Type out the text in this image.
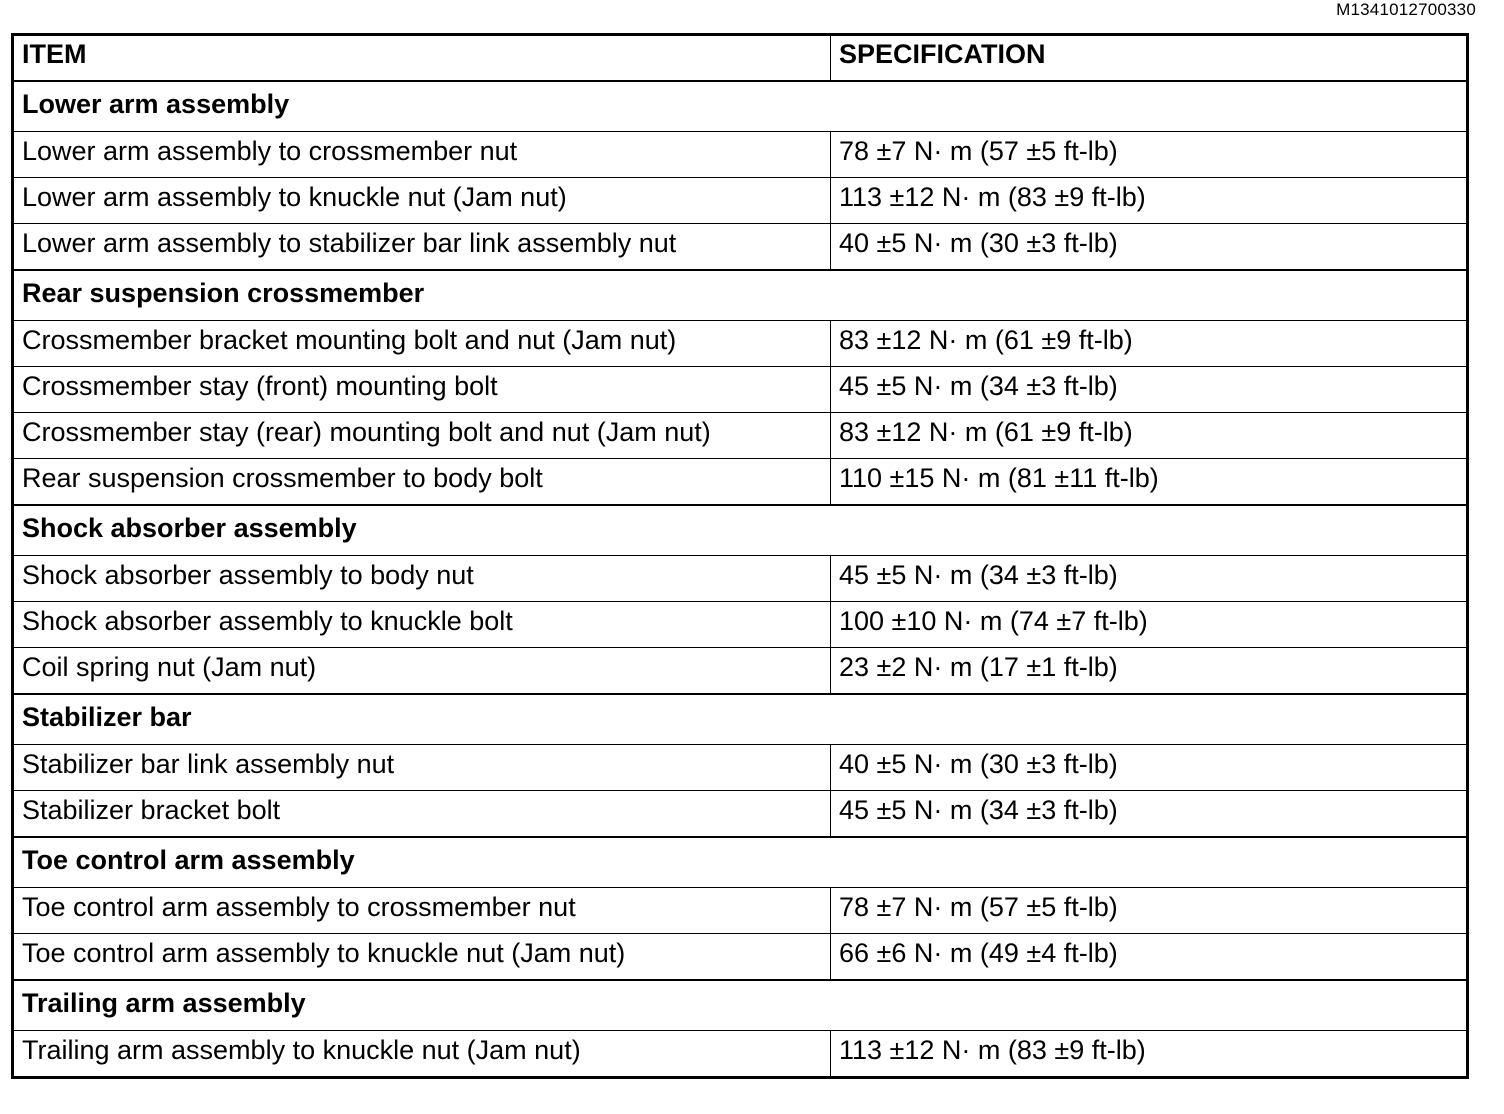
M1341012700330
ITEM	SPECIFICATION
Lower arm assembly	
Lower arm assembly to crossmember nut	78 ±7 N· m (57 ±5 ft-lb)
Lower arm assembly to knuckle nut (Jam nut)	113 ±12 N· m (83 ±9 ft-lb)
Lower arm assembly to stabilizer bar link assembly nut	40 ±5 N· m (30 ±3 ft-lb)
Rear suspension crossmember	
Crossmember bracket mounting bolt and nut (Jam nut)	83 ±12 N· m (61 ±9 ft-lb)
Crossmember stay (front) mounting bolt	45 ±5 N· m (34 ±3 ft-lb)
Crossmember stay (rear) mounting bolt and nut (Jam nut)	83 ±12 N· m (61 ±9 ft-lb)
Rear suspension crossmember to body bolt	110 ±15 N· m (81 ±11 ft-lb)
Shock absorber assembly	
Shock absorber assembly to body nut	45 ±5 N· m (34 ±3 ft-lb)
Shock absorber assembly to knuckle bolt	100 ±10 N· m (74 ±7 ft-lb)
Coil spring nut (Jam nut)	23 ±2 N· m (17 ±1 ft-lb)
Stabilizer bar	
Stabilizer bar link assembly nut	40 ±5 N· m (30 ±3 ft-lb)
Stabilizer bracket bolt	45 ±5 N· m (34 ±3 ft-lb)
Toe control arm assembly	
Toe control arm assembly to crossmember nut	78 ±7 N· m (57 ±5 ft-lb)
Toe control arm assembly to knuckle nut (Jam nut)	66 ±6 N· m (49 ±4 ft-lb)
Trailing arm assembly	
Trailing arm assembly to knuckle nut (Jam nut)	113 ±12 N· m (83 ±9 ft-lb)
